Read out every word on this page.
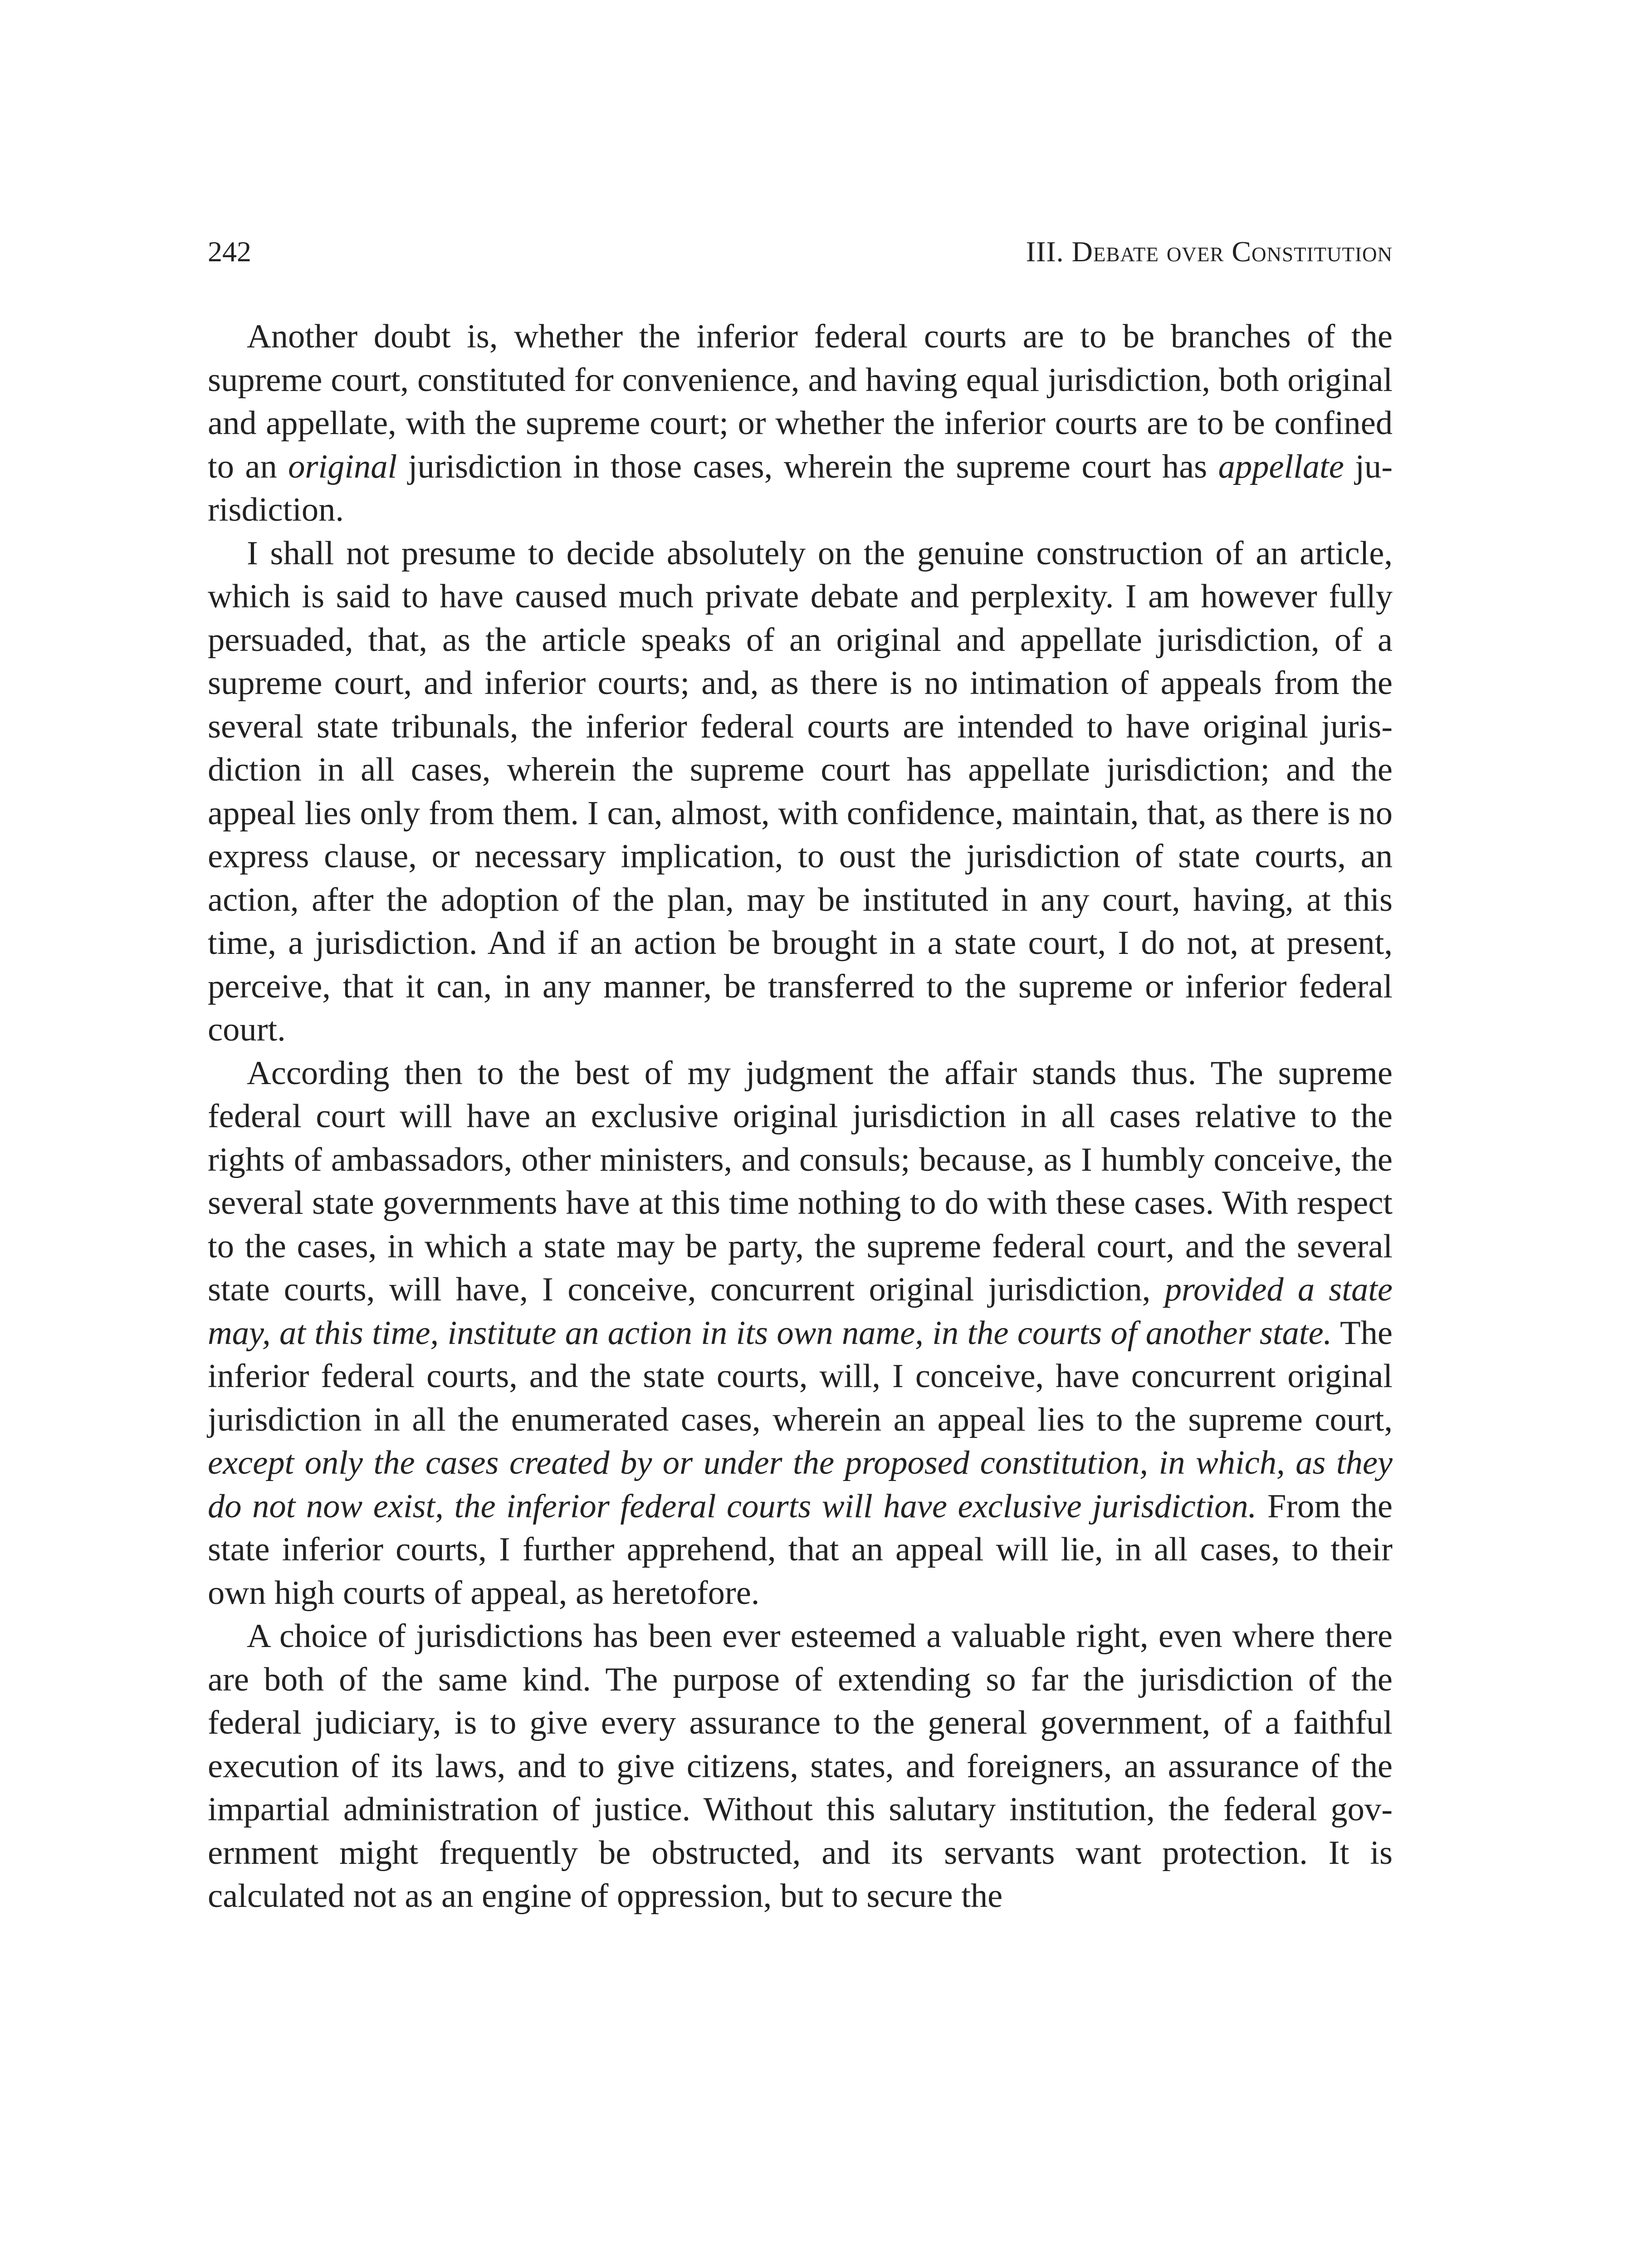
242	III. Debate over Constitution

Another doubt is, whether the inferior federal courts are to be branches of the supreme court, constituted for convenience, and having equal jurisdiction, both original and appellate, with the supreme court; or whether the inferior courts are to be confined to an original jurisdiction in those cases, wherein the supreme court has appellate jurisdiction.

I shall not presume to decide absolutely on the genuine construction of an article, which is said to have caused much private debate and perplexity. I am however fully persuaded, that, as the article speaks of an original and appellate jurisdiction, of a supreme court, and inferior courts; and, as there is no intimation of appeals from the several state tribunals, the inferior federal courts are intended to have original jurisdiction in all cases, wherein the supreme court has appellate jurisdiction; and the appeal lies only from them. I can, almost, with confidence, maintain, that, as there is no express clause, or necessary implication, to oust the jurisdiction of state courts, an action, after the adoption of the plan, may be instituted in any court, having, at this time, a jurisdiction. And if an action be brought in a state court, I do not, at present, perceive, that it can, in any manner, be transferred to the supreme or inferior federal court.

According then to the best of my judgment the affair stands thus. The supreme federal court will have an exclusive original jurisdiction in all cases relative to the rights of ambassadors, other ministers, and consuls; because, as I humbly conceive, the several state governments have at this time nothing to do with these cases. With respect to the cases, in which a state may be party, the supreme federal court, and the several state courts, will have, I conceive, concurrent original jurisdiction, provided a state may, at this time, institute an action in its own name, in the courts of another state. The inferior federal courts, and the state courts, will, I conceive, have concurrent original jurisdiction in all the enumerated cases, wherein an appeal lies to the supreme court, except only the cases created by or under the proposed constitution, in which, as they do not now exist, the inferior federal courts will have exclusive jurisdiction. From the state inferior courts, I further apprehend, that an appeal will lie, in all cases, to their own high courts of appeal, as heretofore.

A choice of jurisdictions has been ever esteemed a valuable right, even where there are both of the same kind. The purpose of extending so far the jurisdiction of the federal judiciary, is to give every assurance to the general government, of a faithful execution of its laws, and to give citizens, states, and foreigners, an assurance of the impartial administration of justice. Without this salutary institution, the federal government might frequently be obstructed, and its servants want protection. It is calculated not as an engine of oppression, but to secure the
